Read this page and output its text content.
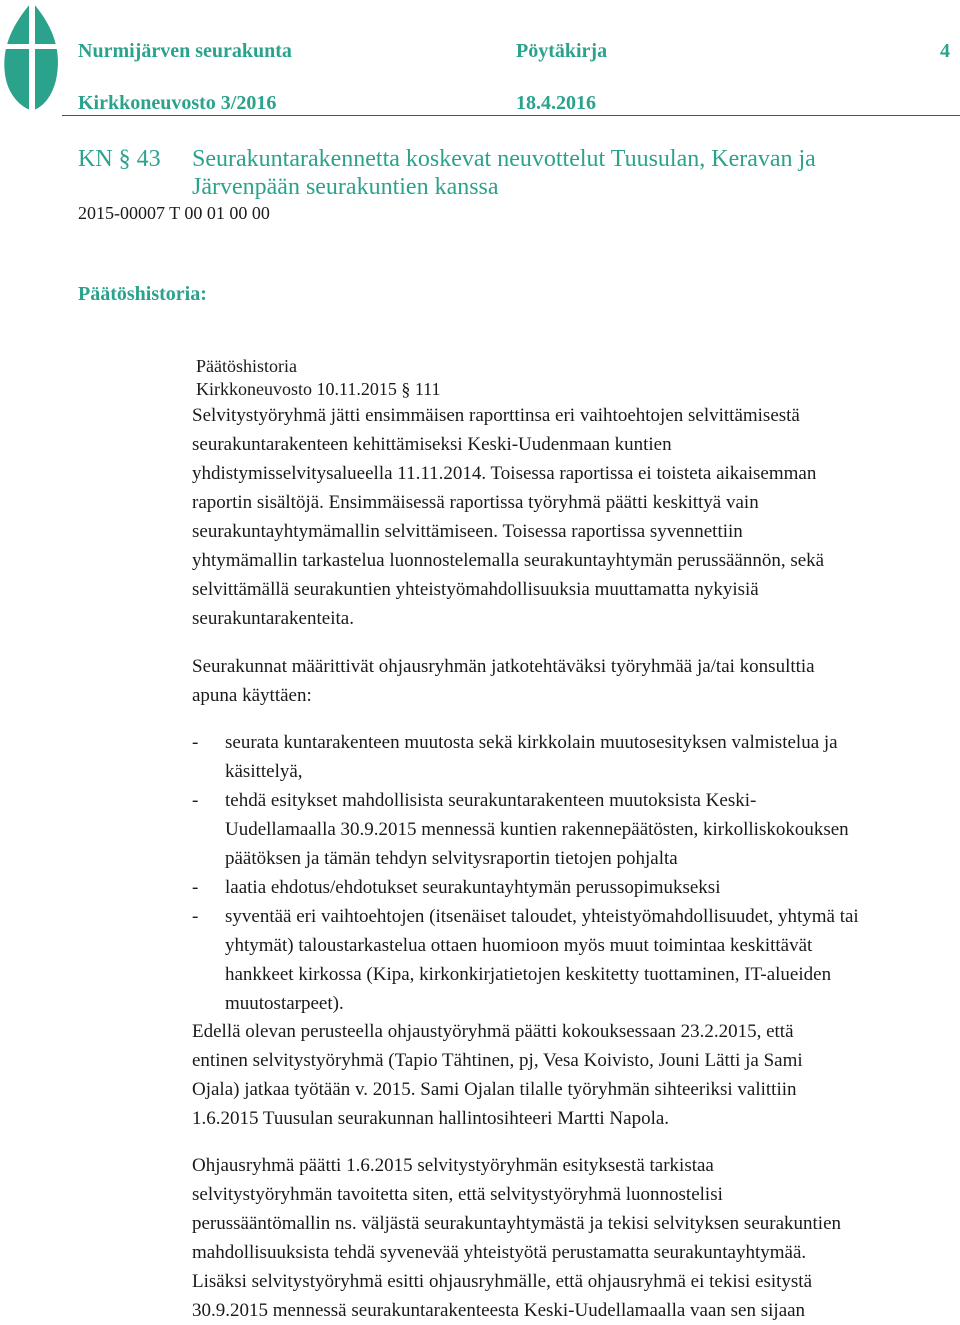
Nurmijärven seurakunta	Pöytäkirja	4
Kirkkoneuvosto 3/2016	18.4.2016
KN § 43 Seurakuntarakennetta koskevat neuvottelut Tuusulan, Keravan ja
Järvenpään seurakuntien kanssa
2015-00007 T 00 01 00 00
Päätöshistoria:
Päätöshistoria
Kirkkoneuvosto 10.11.2015 § 111

Selvitystyöryhmä jätti ensimmäisen raporttinsa eri vaihtoehtojen selvittämisestä

seurakuntarakenteen kehittämiseksi Keski-Uudenmaan kuntien

yhdistymisselvitysalueella 11.11.2014. Toisessa raportissa ei toisteta aikaisemman

raportin sisältöjä. Ensimmäisessä raportissa työryhmä päätti keskittyä vain

seurakuntayhtymämallin selvittämiseen. Toisessa raportissa syvennettiin

yhtymämallin tarkastelua luonnostelemalla seurakuntayhtymän perussäännön, sekä

selvittämällä seurakuntien yhteistyömahdollisuuksia muuttamatta nykyisiä

seurakuntarakenteita.

Seurakunnat määrittivät ohjausryhmän jatkotehtäväksi työryhmää ja/tai konsulttia

apuna käyttäen:

- seurata kuntarakenteen muutosta sekä kirkkolain muutosesityksen valmistelua ja
käsittelyä,
- tehdä esitykset mahdollisista seurakuntarakenteen muutoksista Keski-
Uudellamaalla 30.9.2015 mennessä kuntien rakennepäätösten, kirkolliskokouksen
päätöksen ja tämän tehdyn selvitysraportin tietojen pohjalta
- laatia ehdotus/ehdotukset seurakuntayhtymän perussopimukseksi
- syventää eri vaihtoehtojen (itsenäiset taloudet, yhteistyömahdollisuudet, yhtymä tai
yhtymät) taloustarkastelua ottaen huomioon myös muut toimintaa keskittävät
hankkeet kirkossa (Kipa, kirkonkirjatietojen keskitetty tuottaminen, IT-alueiden
muutostarpeet).

Edellä olevan perusteella ohjaustyöryhmä päätti kokouksessaan 23.2.2015, että

entinen selvitystyöryhmä (Tapio Tähtinen, pj, Vesa Koivisto, Jouni Lätti ja Sami

Ojala) jatkaa työtään v. 2015. Sami Ojalan tilalle työryhmän sihteeriksi valittiin

1.6.2015 Tuusulan seurakunnan hallintosihteeri Martti Napola.

Ohjausryhmä päätti 1.6.2015 selvitystyöryhmän esityksestä tarkistaa

selvitystyöryhmän tavoitetta siten, että selvitystyöryhmä luonnostelisi

perussääntömallin ns. väljästä seurakuntayhtymästä ja tekisi selvityksen seurakuntien

mahdollisuuksista tehdä syvenevää yhteistyötä perustamatta seurakuntayhtymää.

Lisäksi selvitystyöryhmä esitti ohjausryhmälle, että ohjausryhmä ei tekisi esitystä

30.9.2015 mennessä seurakuntarakenteesta Keski-Uudellamaalla vaan sen sijaan
